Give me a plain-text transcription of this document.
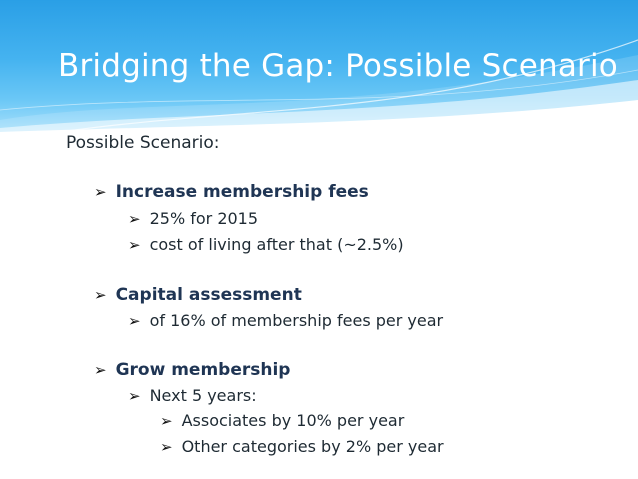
Bridging the Gap: Possible Scenario
Possible Scenario:
➢ Increase membership fees
➢ 25% for 2015
➢ cost of living after that (~2.5%)
➢ Capital assessment
➢ of 16% of membership fees per year
➢ Grow membership
➢ Next 5 years:
➢ Associates by 10% per year
➢ Other categories by 2% per year
